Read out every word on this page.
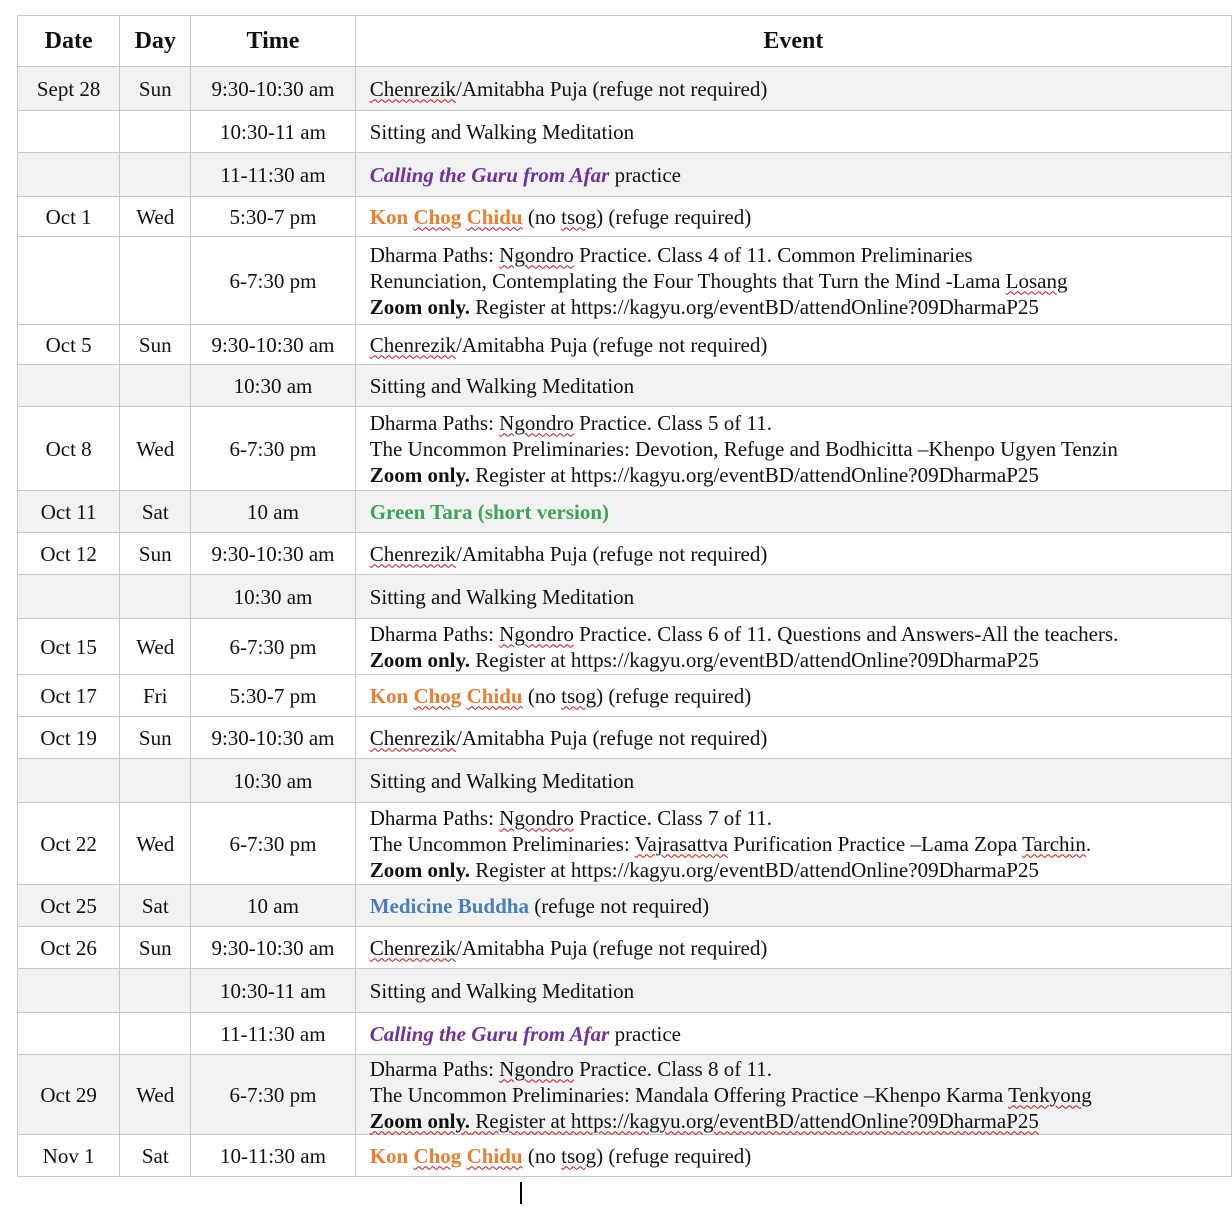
Date	Day	Time	Event
Sept 28	Sun	9:30-10:30 am	Chenrezik/Amitabha Puja (refuge not required)

		10:30-11 am	Sitting and Walking Meditation

		11-11:30 am	Calling the Guru from Afar practice

Oct 1	Wed	5:30-7 pm	Kon Chog Chidu (no tsog) (refuge required)

		6-7:30 pm	Dharma Paths: Ngondro Practice. Class 4 of 11. Common Preliminaries
Renunciation, Contemplating the Four Thoughts that Turn the Mind -Lama Losang
Zoom only. Register at https://kagyu.org/eventBD/attendOnline?09DharmaP25

Oct 5	Sun	9:30-10:30 am	Chenrezik/Amitabha Puja (refuge not required)

		10:30 am	Sitting and Walking Meditation

Oct 8	Wed	6-7:30 pm	Dharma Paths: Ngondro Practice. Class 5 of 11.
The Uncommon Preliminaries: Devotion, Refuge and Bodhicitta –Khenpo Ugyen Tenzin
Zoom only. Register at https://kagyu.org/eventBD/attendOnline?09DharmaP25

Oct 11	Sat	10 am	Green Tara (short version)

Oct 12	Sun	9:30-10:30 am	Chenrezik/Amitabha Puja (refuge not required)

		10:30 am	Sitting and Walking Meditation

Oct 15	Wed	6-7:30 pm	Dharma Paths: Ngondro Practice. Class 6 of 11. Questions and Answers-All the teachers.
Zoom only. Register at https://kagyu.org/eventBD/attendOnline?09DharmaP25

Oct 17	Fri	5:30-7 pm	Kon Chog Chidu (no tsog) (refuge required)

Oct 19	Sun	9:30-10:30 am	Chenrezik/Amitabha Puja (refuge not required)

		10:30 am	Sitting and Walking Meditation

Oct 22	Wed	6-7:30 pm	Dharma Paths: Ngondro Practice. Class 7 of 11.
The Uncommon Preliminaries: Vajrasattva Purification Practice –Lama Zopa Tarchin.
Zoom only. Register at https://kagyu.org/eventBD/attendOnline?09DharmaP25

Oct 25	Sat	10 am	Medicine Buddha (refuge not required)

Oct 26	Sun	9:30-10:30 am	Chenrezik/Amitabha Puja (refuge not required)

		10:30-11 am	Sitting and Walking Meditation

		11-11:30 am	Calling the Guru from Afar practice

Oct 29	Wed	6-7:30 pm	Dharma Paths: Ngondro Practice. Class 8 of 11.
The Uncommon Preliminaries: Mandala Offering Practice –Khenpo Karma Tenkyong
Zoom only. Register at https://kagyu.org/eventBD/attendOnline?09DharmaP25

Nov 1	Sat	10-11:30 am	Kon Chog Chidu (no tsog) (refuge required)
